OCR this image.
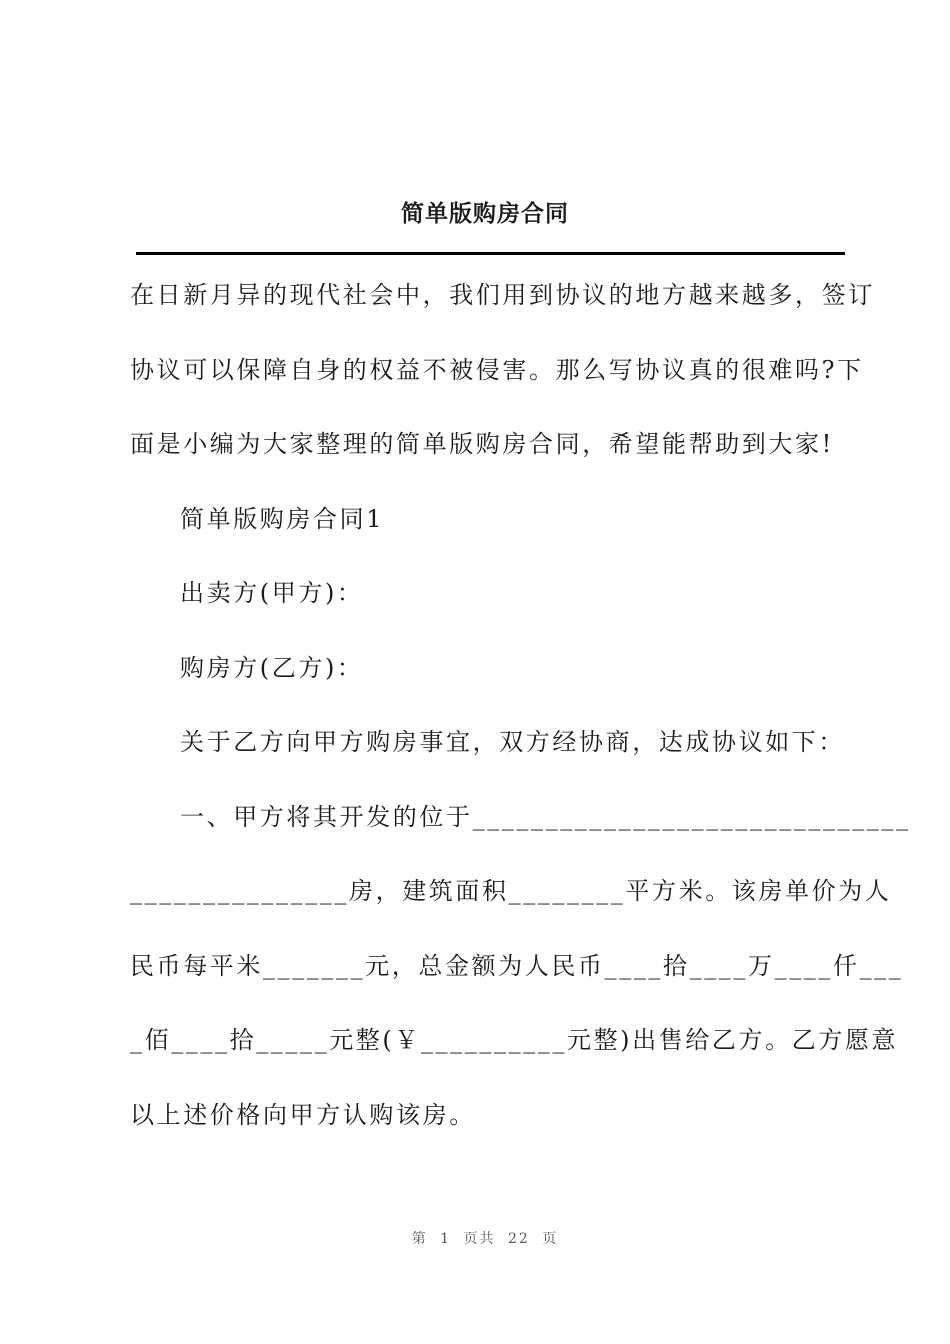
简单版购房合同
在日新月异的现代社会中，我们用到协议的地方越来越多，签订
协议可以保障自身的权益不被侵害。那么写协议真的很难吗?下
面是小编为大家整理的简单版购房合同，希望能帮助到大家!
简单版购房合同1
出卖方(甲方)：
购房方(乙方)：
关于乙方向甲方购房事宜，双方经协商，达成协议如下：
一、甲方将其开发的位于______________________________
_______________房，建筑面积________平方米。该房单价为人
民币每平米_______元，总金额为人民币____拾____万____仟___
_佰____拾_____元整(￥__________元整)出售给乙方。乙方愿意
以上述价格向甲方认购该房。
第 1 页共 22 页
